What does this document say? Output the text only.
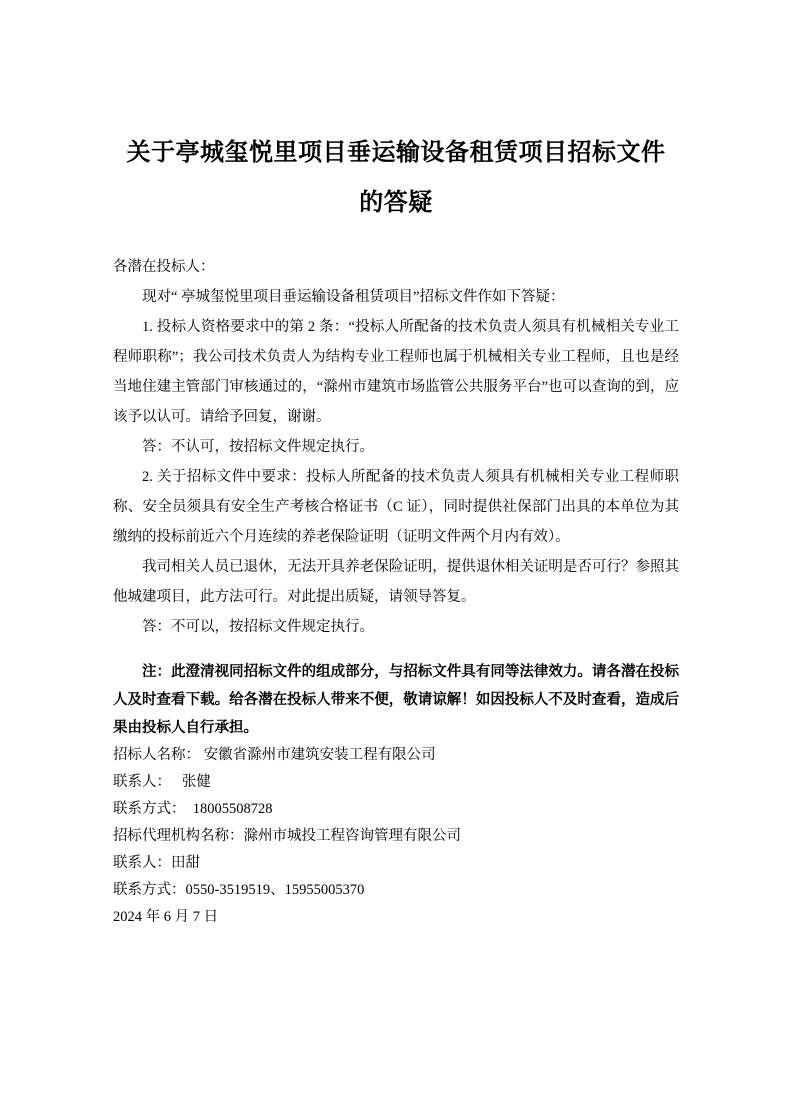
关于亭城玺悦里项目垂运输设备租赁项目招标文件
的答疑

各潜在投标人：

现对“ 亭城玺悦里项目垂运输设备租赁项目”招标文件作如下答疑：

1. 投标人资格要求中的第 2 条：“投标人所配备的技术负责人须具有机械相关专业工程师职称”；我公司技术负责人为结构专业工程师也属于机械相关专业工程师，且也是经当地住建主管部门审核通过的，“滁州市建筑市场监管公共服务平台”也可以查询的到，应该予以认可。请给予回复，谢谢。

答：不认可，按招标文件规定执行。

2. 关于招标文件中要求：投标人所配备的技术负责人须具有机械相关专业工程师职称、安全员须具有安全生产考核合格证书（C 证），同时提供社保部门出具的本单位为其缴纳的投标前近六个月连续的养老保险证明（证明文件两个月内有效）。

我司相关人员已退休，无法开具养老保险证明，提供退休相关证明是否可行？参照其他城建项目，此方法可行。对此提出质疑，请领导答复。

答：不可以，按招标文件规定执行。

注：此澄清视同招标文件的组成部分，与招标文件具有同等法律效力。请各潜在投标人及时查看下载。给各潜在投标人带来不便，敬请谅解！如因投标人不及时查看，造成后果由投标人自行承担。

招标人名称： 安徽省滁州市建筑安装工程有限公司

联系人：　 张健

联系方式：　18005508728

招标代理机构名称：滁州市城投工程咨询管理有限公司

联系人：田甜

联系方式：0550-3519519、15955005370

2024 年 6 月 7 日
